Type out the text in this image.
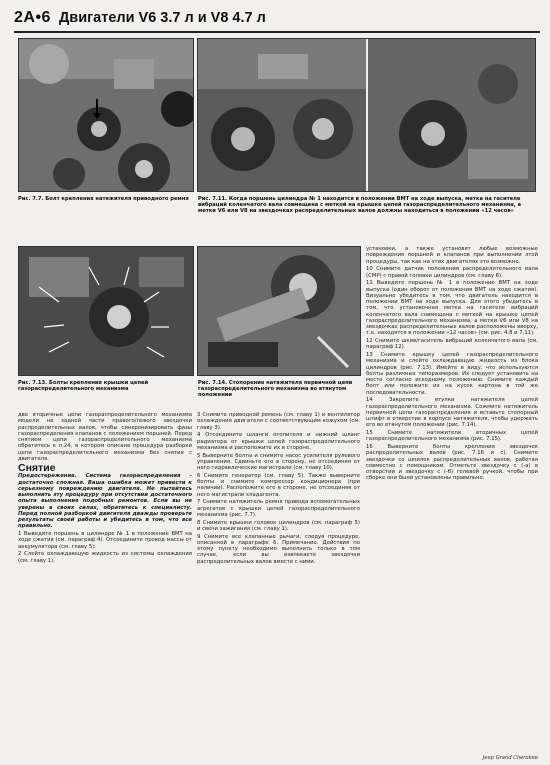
2A•6 Двигатели V6 3.7 л и V8 4.7 л
Рис. 7.7. Болт крепления натяжителя приводного ремня Рис. 7.11. Когда поршень цилиндра № 1 находится в положении ВМТ на ходе выпуска, метка на гасителе вибраций коленчатого вала совмещена с меткой на крышке цепей газораспределительного механизма, а метки V6 или V8 на звездочках распределительных валов должны находиться в положении «12 часов»
Рис. 7.13. Болты крепления крышки цепей газораспределительного механизма
Рис. 7.14. Стопорение натяжителя первичной цепи газораспределительного механизма во втянутом положении

две вторичные цепи газораспределительного механизма модели на задней части правого/левого звездочки распределительных валов, чтобы синхронизировать фазы газораспределения клапанов с положением поршней. Перед снятием цепи газораспределительного механизма обратитесь к п.24, в котором описана процедура разборки цепи газораспределительного механизма без снятия с двигателя.

Снятие

Предостережение. Система газораспределения – достаточно сложная. Ваша ошибка может привести к серьезному повреждению двигателя. Не пытайтесь выполнить эту процедуру при отсутствии достаточного опыта выполнения подобных ремонтов. Если вы не уверены в своих силах, обратитесь к специалисту. Перед полной разборкой двигателя дважды проверьте результаты своей работы и убедитесь в том, что все правильно.

1 Выведите поршень в цилиндре № 1 в положение ВМТ на ходе сжатия (см. параграф 4). Отсоедините провод массы от аккумулятора (см. главу 5).

2 Слейте охлаждающую жидкость из системы охлаждения (см. главу 1).

3 Снимите приводной ремень (см. главу 1) и вентилятор охлаждения двигателя с соответствующим кожухом (см. главу 3).

4 Отсоедините шланги отопителя и нижний шланг радиатора от крышки цепей газораспределительного механизма и расположите их в стороне.

5 Выверните болты и снимите насос усилителя рулевого управления. Сдвиньте его в сторону, не отсоединяя от него гидравлические магистрали (см. главу 10).

6 Снимите генератор (см. главу 5). Также выверните болты и снимите компрессор кондиционера (при наличии). Расположите его в стороне, не отсоединяя от него магистрали хладагента.

7 Снимите натяжитель ремня привода вспомогательных агрегатов с крышки цепей газораспределительного механизма (рис. 7.7).

8 Снимите крышки головок цилиндров (см. параграф 5) и свечи зажигания (см. главу 1).

9 Снимите все клапанные рычаги, следуя процедуре, описанной в параграфе 6. Примечание. Действия по этому пункту необходимо выполнять только в том случае, если вы извлекаете звездочки распределительных валов вместе с ними.

установки, а также установят любые возможные повреждения поршней и клапанов при выполнении этой процедуры, так как на этих двигателях это возможно.

10 Снимите датчик положения распределительного вала (CMP) с правой головки цилиндров (см. главу 6).

11 Выведите поршень № 1 в положение ВМТ на ходе выпуска (один оборот от положения ВМТ на ходе сжатия). Визуально убедитесь в том, что двигатель находится в положении ВМТ на ходе выпуска. Для этого убедитесь в том, что установочная метка на гасителе вибраций коленчатого вала совмещена с меткой на крышке цепей газораспределительного механизма, а метки V6 или V8 на звездочках распределительных валов расположены вверху, т.е. находятся в положении «12 часов» (см. рис. 4.8 и 7.11).

12 Снимите шкив/гаситель вибраций коленчатого вала (см. параграф 12).

13 Снимите крышку цепей газораспределительного механизма и слейте охлаждающую жидкость из блока цилиндров (рис. 7.13). Имейте в виду, что используются болты различных типоразмеров. Их следует установить на место согласно исходному положению. Снимите каждый болт или положите их на кусок картона в той же последовательности.

14 Закрепите втулки натяжителя цепей газораспределительного механизма. Сожмите натяжитель первичной цепи газораспределения и вставьте стопорный штифт в отверстие в корпусе натяжителя, чтобы удержать его во втянутом положении (рис. 7.14).

15 Снимите натяжители вторичных цепей газораспределительного механизма (рис. 7.15).

16 Выверните болты крепления звездочек распределительных валов (рис. 7.16 и с). Снимите звездочки со шпилек распределительных валов, работая совместно с помощником. Отметьте звездочку с (-а) в отверстии и звездочку с (-б) гелевой ручкой, чтобы при сборке они были установлены правильно.

Jeep Grand Cherokee
